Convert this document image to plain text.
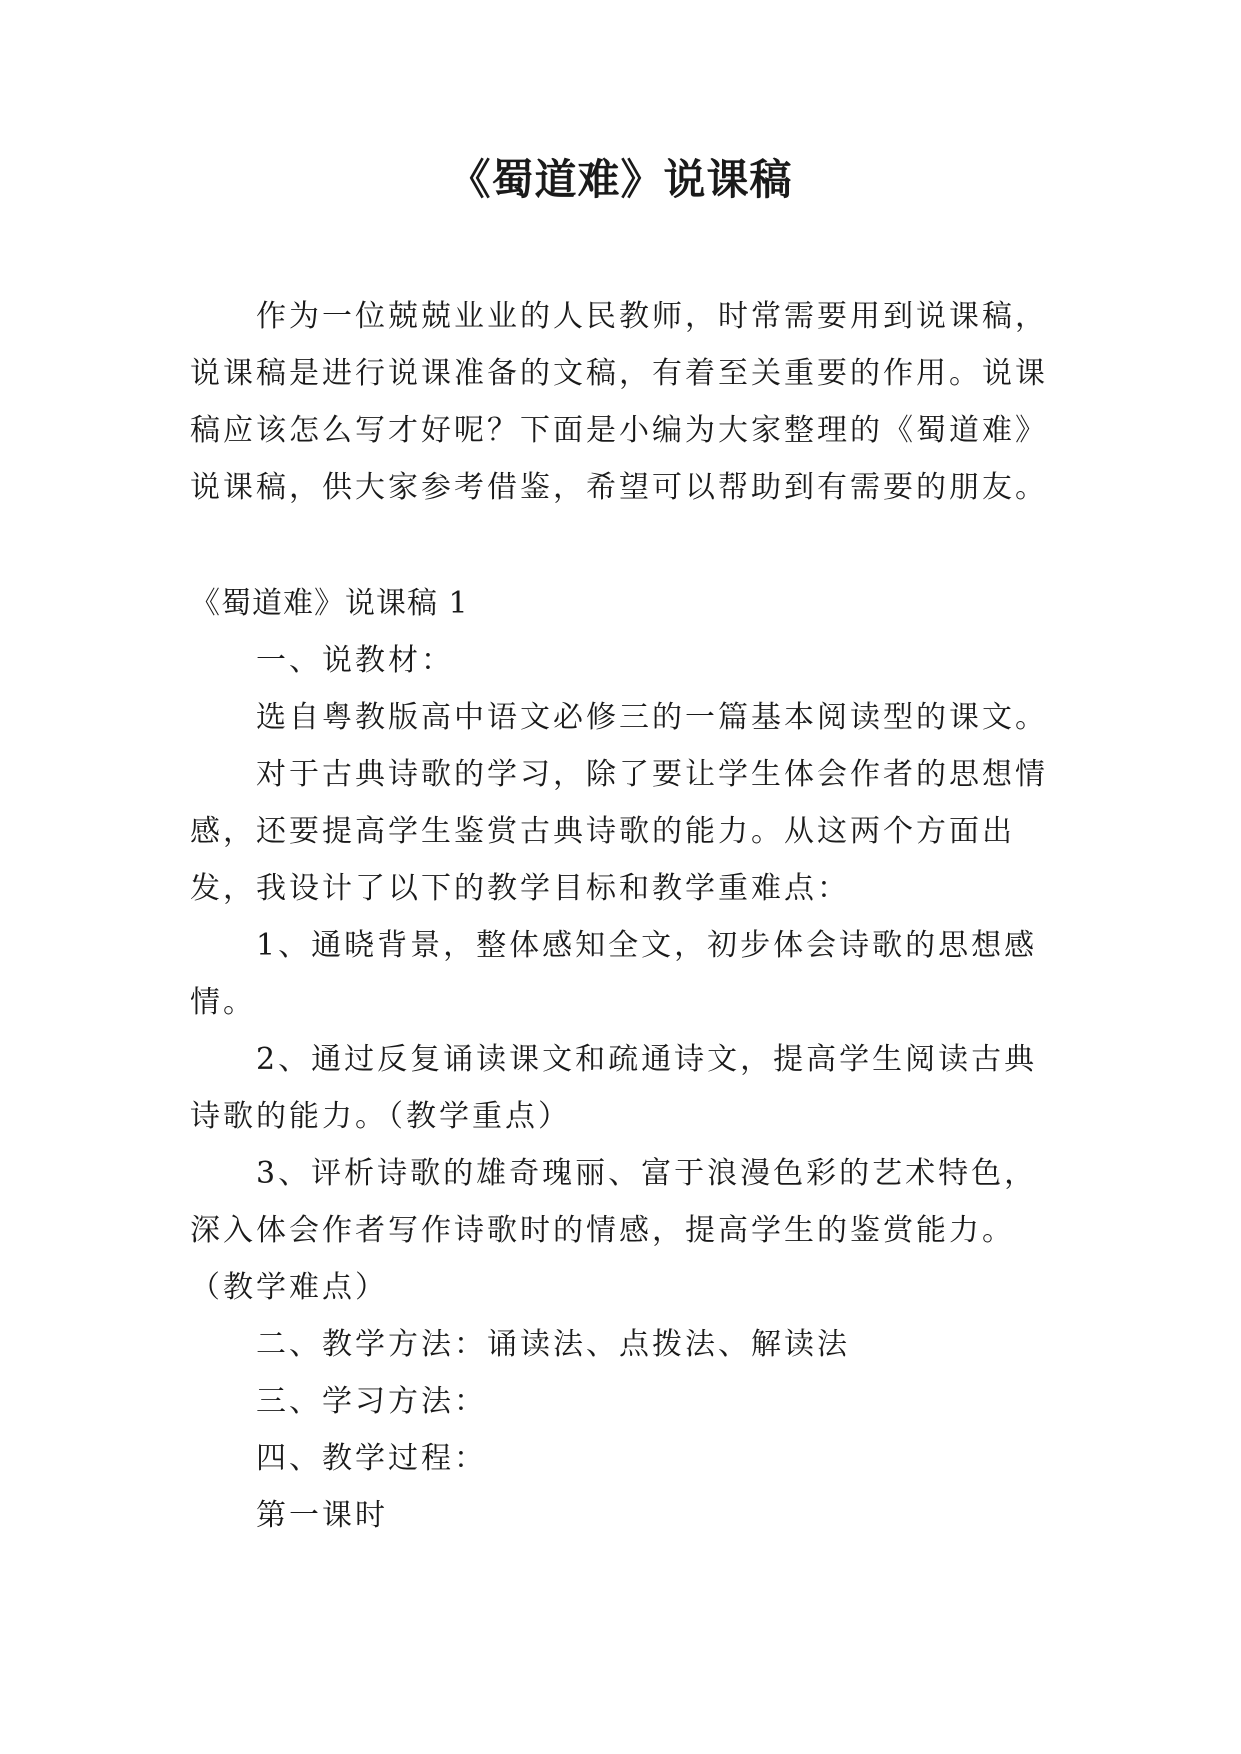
《蜀道难》说课稿
作为一位兢兢业业的人民教师，时常需要用到说课稿，说课稿是进行说课准备的文稿，有着至关重要的作用。说课稿应该怎么写才好呢？下面是小编为大家整理的《蜀道难》说课稿，供大家参考借鉴，希望可以帮助到有需要的朋友。

《蜀道难》说课稿 1

一、说教材：

选自粤教版高中语文必修三的一篇基本阅读型的课文。

对于古典诗歌的学习，除了要让学生体会作者的思想情感，还要提高学生鉴赏古典诗歌的能力。从这两个方面出发，我设计了以下的教学目标和教学重难点：

1、通晓背景，整体感知全文，初步体会诗歌的思想感情。

2、通过反复诵读课文和疏通诗文，提高学生阅读古典诗歌的能力。（教学重点）

3、评析诗歌的雄奇瑰丽、富于浪漫色彩的艺术特色，深入体会作者写作诗歌时的情感，提高学生的鉴赏能力。（教学难点）

二、教学方法：诵读法、点拨法、解读法

三、学习方法：

四、教学过程：

第一课时
